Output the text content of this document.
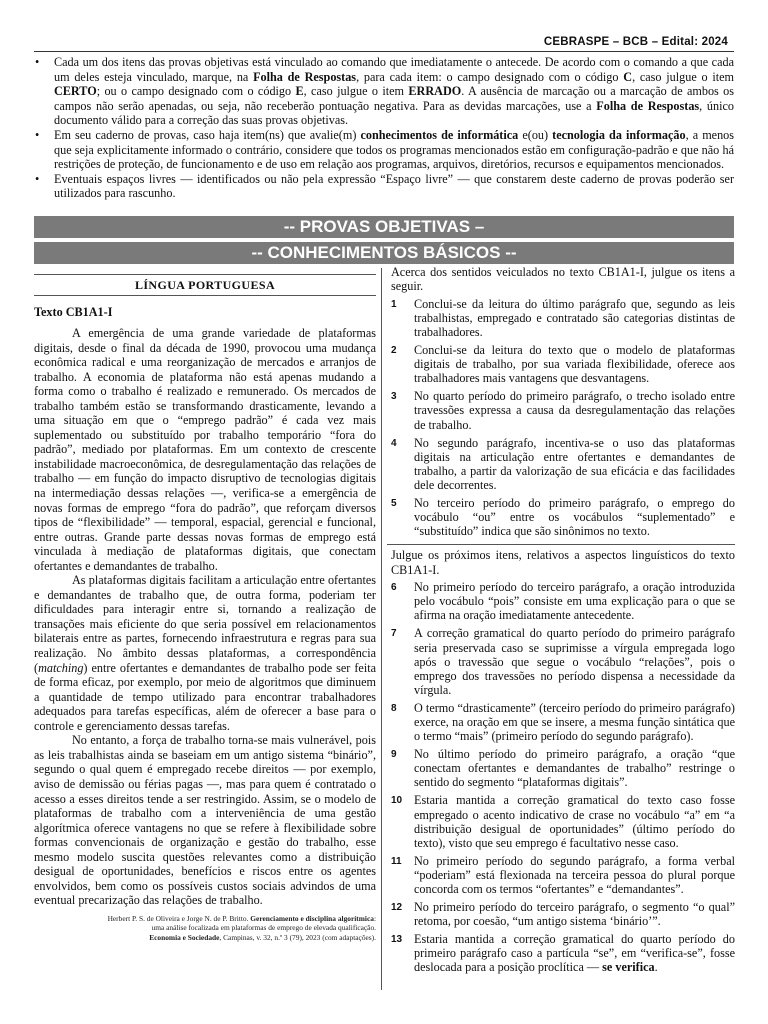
CEBRASPE – BCB – Edital: 2024
• Cada um dos itens das provas objetivas está vinculado ao comando que imediatamente o antecede. De acordo com o comando a que cada um deles esteja vinculado, marque, na Folha de Respostas, para cada item: o campo designado com o código C, caso julgue o item CERTO; ou o campo designado com o código E, caso julgue o item ERRADO. A ausência de marcação ou a marcação de ambos os campos não serão apenadas, ou seja, não receberão pontuação negativa. Para as devidas marcações, use a Folha de Respostas, único documento válido para a correção das suas provas objetivas.
• Em seu caderno de provas, caso haja item(ns) que avalie(m) conhecimentos de informática e(ou) tecnologia da informação, a menos que seja explicitamente informado o contrário, considere que todos os programas mencionados estão em configuração-padrão e que não há restrições de proteção, de funcionamento e de uso em relação aos programas, arquivos, diretórios, recursos e equipamentos mencionados.
• Eventuais espaços livres — identificados ou não pela expressão “Espaço livre” — que constarem deste caderno de provas poderão ser utilizados para rascunho.
-- PROVAS OBJETIVAS –
-- CONHECIMENTOS BÁSICOS --
LÍNGUA PORTUGUESA
Texto CB1A1-I

A emergência de uma grande variedade de plataformas digitais, desde o final da década de 1990, provocou uma mudança econômica radical e uma reorganização de mercados e arranjos de trabalho. A economia de plataforma não está apenas mudando a forma como o trabalho é realizado e remunerado. Os mercados de trabalho também estão se transformando drasticamente, levando a uma situação em que o “emprego padrão” é cada vez mais suplementado ou substituído por trabalho temporário “fora do padrão”, mediado por plataformas. Em um contexto de crescente instabilidade macroeconômica, de desregulamentação das relações de trabalho — em função do impacto disruptivo de tecnologias digitais na intermediação dessas relações —, verifica-se a emergência de novas formas de emprego “fora do padrão”, que reforçam diversos tipos de “flexibilidade” — temporal, espacial, gerencial e funcional, entre outras. Grande parte dessas novas formas de emprego está vinculada à mediação de plataformas digitais, que conectam ofertantes e demandantes de trabalho.

As plataformas digitais facilitam a articulação entre ofertantes e demandantes de trabalho que, de outra forma, poderiam ter dificuldades para interagir entre si, tornando a realização de transações mais eficiente do que seria possível em relacionamentos bilaterais entre as partes, fornecendo infraestrutura e regras para sua realização. No âmbito dessas plataformas, a correspondência (matching) entre ofertantes e demandantes de trabalho pode ser feita de forma eficaz, por exemplo, por meio de algoritmos que diminuem a quantidade de tempo utilizado para encontrar trabalhadores adequados para tarefas específicas, além de oferecer a base para o controle e gerenciamento dessas tarefas.

No entanto, a força de trabalho torna-se mais vulnerável, pois as leis trabalhistas ainda se baseiam em um antigo sistema “binário”, segundo o qual quem é empregado recebe direitos — por exemplo, aviso de demissão ou férias pagas —, mas para quem é contratado o acesso a esses direitos tende a ser restringido. Assim, se o modelo de plataformas de trabalho com a interveniência de uma gestão algorítmica oferece vantagens no que se refere à flexibilidade sobre formas convencionais de organização e gestão do trabalho, esse mesmo modelo suscita questões relevantes como a distribuição desigual de oportunidades, benefícios e riscos entre os agentes envolvidos, bem como os possíveis custos sociais advindos de uma eventual precarização das relações de trabalho.

Herbert P. S. de Oliveira e Jorge N. de P. Britto. Gerenciamento e disciplina algorítmica:
uma análise focalizada em plataformas de emprego de elevada qualificação.
Economia e Sociedade, Campinas, v. 32, n.º 3 (79), 2023 (com adaptações).
Acerca dos sentidos veiculados no texto CB1A1-I, julgue os itens a seguir.
1 Conclui-se da leitura do último parágrafo que, segundo as leis trabalhistas, empregado e contratado são categorias distintas de trabalhadores.
2 Conclui-se da leitura do texto que o modelo de plataformas digitais de trabalho, por sua variada flexibilidade, oferece aos trabalhadores mais vantagens que desvantagens.
3 No quarto período do primeiro parágrafo, o trecho isolado entre travessões expressa a causa da desregulamentação das relações de trabalho.
4 No segundo parágrafo, incentiva-se o uso das plataformas digitais na articulação entre ofertantes e demandantes de trabalho, a partir da valorização de sua eficácia e das facilidades dele decorrentes.
5 No terceiro período do primeiro parágrafo, o emprego do vocábulo “ou” entre os vocábulos “suplementado” e “substituído” indica que são sinônimos no texto.
Julgue os próximos itens, relativos a aspectos linguísticos do texto CB1A1-I.
6 No primeiro período do terceiro parágrafo, a oração introduzida pelo vocábulo “pois” consiste em uma explicação para o que se afirma na oração imediatamente antecedente.
7 A correção gramatical do quarto período do primeiro parágrafo seria preservada caso se suprimisse a vírgula empregada logo após o travessão que segue o vocábulo “relações”, pois o emprego dos travessões no período dispensa a necessidade da vírgula.
8 O termo “drasticamente” (terceiro período do primeiro parágrafo) exerce, na oração em que se insere, a mesma função sintática que o termo “mais” (primeiro período do segundo parágrafo).
9 No último período do primeiro parágrafo, a oração “que conectam ofertantes e demandantes de trabalho” restringe o sentido do segmento “plataformas digitais”.
10 Estaria mantida a correção gramatical do texto caso fosse empregado o acento indicativo de crase no vocábulo “a” em “a distribuição desigual de oportunidades” (último período do texto), visto que seu emprego é facultativo nesse caso.
11 No primeiro período do segundo parágrafo, a forma verbal “poderiam” está flexionada na terceira pessoa do plural porque concorda com os termos “ofertantes” e “demandantes”.
12 No primeiro período do terceiro parágrafo, o segmento “o qual” retoma, por coesão, “um antigo sistema ‘binário’”.
13 Estaria mantida a correção gramatical do quarto período do primeiro parágrafo caso a partícula “se”, em “verifica-se”, fosse deslocada para a posição proclítica — se verifica.
